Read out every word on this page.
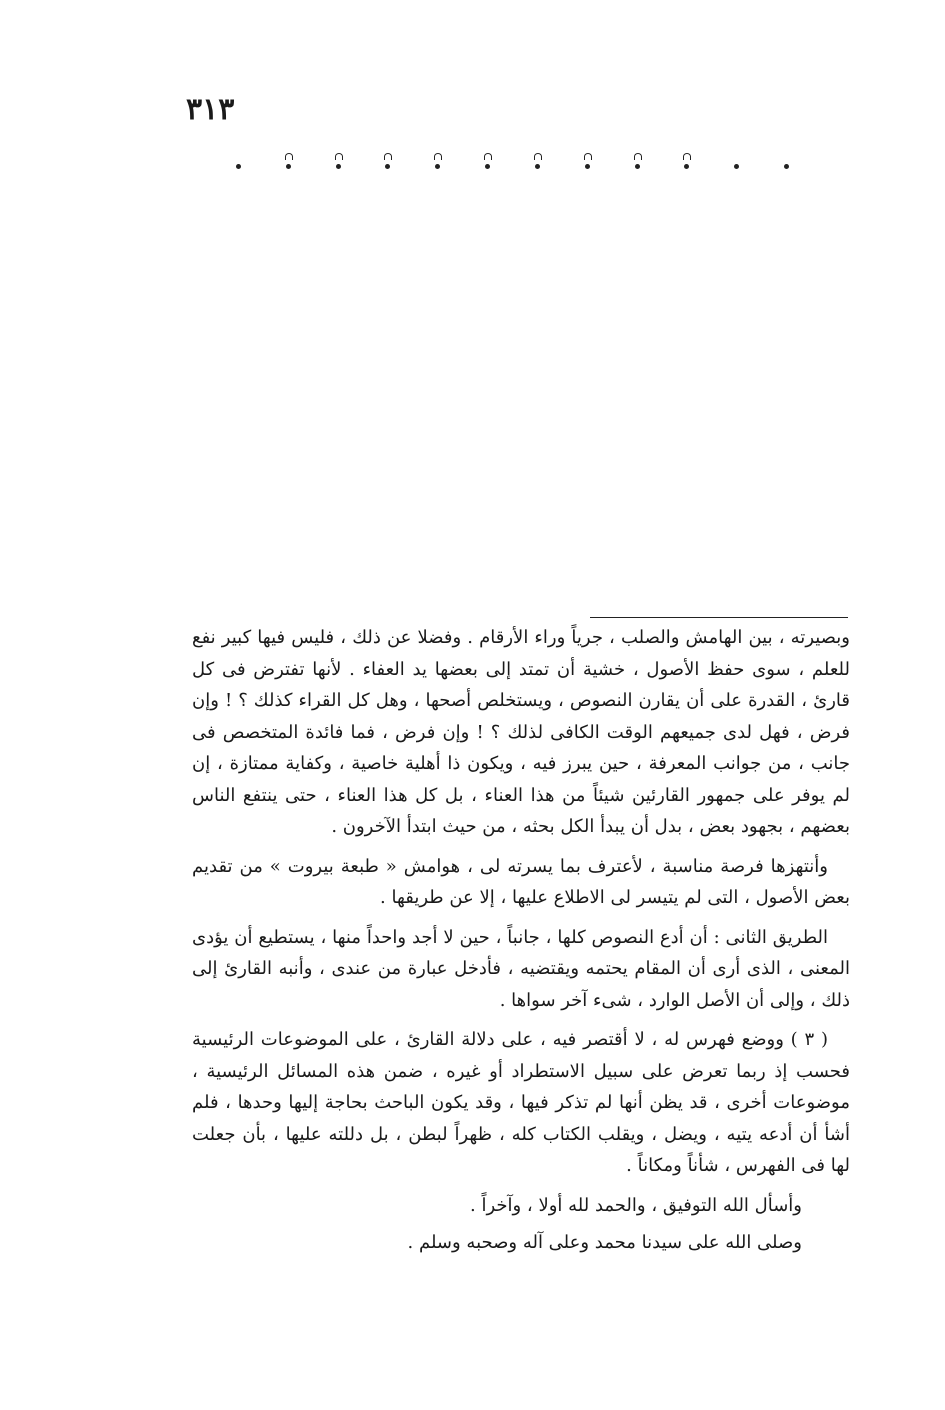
٣١٣

وبصيرته ، بين الهامش والصلب ، جرياً وراء الأرقام . وفضلا عن ذلك ، فليس فيها كبير نفع للعلم ، سوى حفظ الأصول ، خشية أن تمتد إلى بعضها يد العفاء . لأنها تفترض فى كل قارئ ، القدرة على أن يقارن النصوص ، ويستخلص أصحها ، وهل كل القراء كذلك ؟ ! وإن فرض ، فهل لدى جميعهم الوقت الكافى لذلك ؟ ! وإن فرض ، فما فائدة المتخصص فى جانب ، من جوانب المعرفة ، حين يبرز فيه ، ويكون ذا أهلية خاصية ، وكفاية ممتازة ، إن لم يوفر على جمهور القارئين شيئاً من هذا العناء ، بل كل هذا العناء ، حتى ينتفع الناس بعضهم ، بجهود بعض ، بدل أن يبدأ الكل بحثه ، من حيث ابتدأ الآخرون .

وأنتهزها فرصة مناسبة ، لأعترف بما يسرته لى ، هوامش « طبعة بيروت » من تقديم بعض الأصول ، التى لم يتيسر لى الاطلاع عليها ، إلا عن طريقها .

الطريق الثانى : أن أدع النصوص كلها ، جانباً ، حين لا أجد واحداً منها ، يستطيع أن يؤدى المعنى ، الذى أرى أن المقام يحتمه ويقتضيه ، فأدخل عبارة من عندى ، وأنبه القارئ إلى ذلك ، وإلى أن الأصل الوارد ، شىء آخر سواها .

( ٣ ) ووضع فهرس له ، لا أقتصر فيه ، على دلالة القارئ ، على الموضوعات الرئيسية فحسب إذ ربما تعرض على سبيل الاستطراد أو غيره ، ضمن هذه المسائل الرئيسية ، موضوعات أخرى ، قد يظن أنها لم تذكر فيها ، وقد يكون الباحث بحاجة إليها وحدها ، فلم أشأ أن أدعه يتيه ، ويضل ، ويقلب الكتاب كله ، ظهراً لبطن ، بل دللته عليها ، بأن جعلت لها فى الفهرس ، شأناً ومكاناً .

وأسأل الله التوفيق ، والحمد لله أولا ، وآخراً .

وصلى الله على سيدنا محمد وعلى آله وصحبه وسلم .
